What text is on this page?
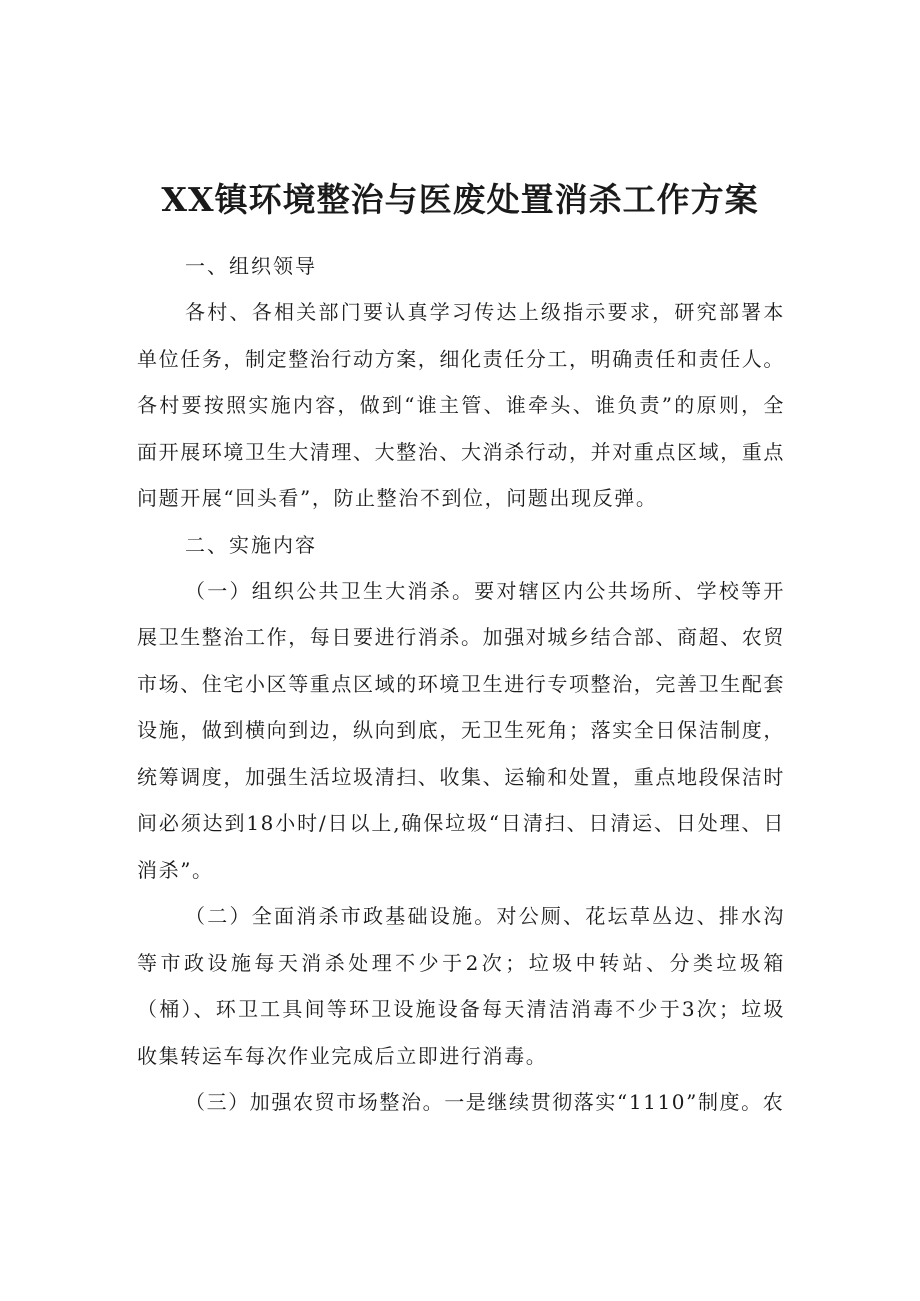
XX镇环境整治与医废处置消杀工作方案

一、组织领导

各村、各相关部门要认真学习传达上级指示要求，研究部署本单位任务，制定整治行动方案，细化责任分工，明确责任和责任人。各村要按照实施内容，做到“谁主管、谁牵头、谁负责”的原则，全面开展环境卫生大清理、大整治、大消杀行动，并对重点区域，重点问题开展“回头看”，防止整治不到位，问题出现反弹。

二、实施内容

（一）组织公共卫生大消杀。要对辖区内公共场所、学校等开展卫生整治工作，每日要进行消杀。加强对城乡结合部、商超、农贸市场、住宅小区等重点区域的环境卫生进行专项整治，完善卫生配套设施，做到横向到边，纵向到底，无卫生死角；落实全日保洁制度，统筹调度，加强生活垃圾清扫、收集、运输和处置，重点地段保洁时间必须达到18小时/日以上,确保垃圾“日清扫、日清运、日处理、日消杀”。

（二）全面消杀市政基础设施。对公厕、花坛草丛边、排水沟等市政设施每天消杀处理不少于2次；垃圾中转站、分类垃圾箱（桶）、环卫工具间等环卫设施设备每天清洁消毒不少于3次；垃圾收集转运车每次作业完成后立即进行消毒。

（三）加强农贸市场整治。一是继续贯彻落实“1110”制度。农
